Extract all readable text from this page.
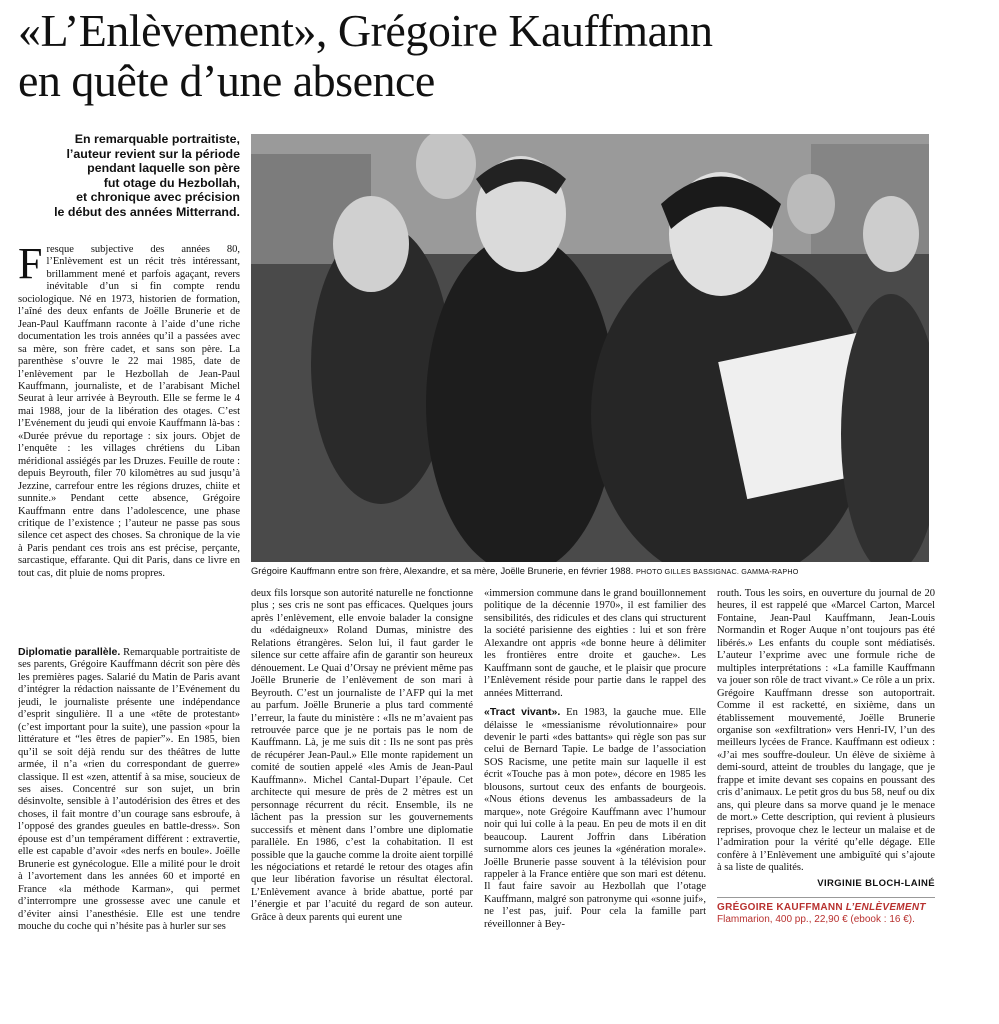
«L’Enlèvement», Grégoire Kauffmann
en quête d’une absence
En remarquable portraitiste,
l’auteur revient sur la période
pendant laquelle son père
fut otage du Hezbollah,
et chronique avec précision
le début des années Mitterrand.
Grégoire Kauffmann entre son frère, Alexandre, et sa mère, Joëlle Brunerie, en février 1988. PHOTO GILLES BASSIGNAC. GAMMA-RAPHO

Fresque subjective des années 80, l’Enlèvement est un récit très intéressant, brillamment mené et parfois agaçant, revers inévitable d’un si fin compte rendu sociologique. Né en 1973, historien de formation, l’aîné des deux enfants de Joëlle Brunerie et de Jean-Paul Kauffmann raconte à l’aide d’une riche documentation les trois années qu’il a passées avec sa mère, son frère cadet, et sans son père. La parenthèse s’ouvre le 22 mai 1985, date de l’enlèvement par le Hezbollah de Jean-Paul Kauffmann, journaliste, et de l’arabisant Michel Seurat à leur arrivée à Beyrouth. Elle se ferme le 4 mai 1988, jour de la libération des otages. C’est l’Evénement du jeudi qui envoie Kauffmann là-bas : «Durée prévue du reportage : six jours. Objet de l’enquête : les villages chrétiens du Liban méridional assiégés par les Druzes. Feuille de route : depuis Beyrouth, filer 70 kilomètres au sud jusqu’à Jezzine, carrefour entre les régions druzes, chiite et sunnite.» Pendant cette absence, Grégoire Kauffmann entre dans l’adolescence, une phase critique de l’existence ; l’auteur ne passe pas sous silence cet aspect des choses. Sa chronique de la vie à Paris pendant ces trois ans est précise, perçante, sarcastique, effarante. Qui dit Paris, dans ce livre en tout cas, dit pluie de noms propres.

Diplomatie parallèle. Remarquable portraitiste de ses parents, Grégoire Kauffmann décrit son père dès les premières pages. Salarié du Matin de Paris avant d’intégrer la rédaction naissante de l’Evénement du jeudi, le journaliste présente une indépendance d’esprit singulière. Il a une «tête de protestant» (c’est important pour la suite), une passion «pour la littérature et “les êtres de papier”». En 1985, bien qu’il se soit déjà rendu sur des théâtres de lutte armée, il n’a «rien du correspondant de guerre» classique. Il est «zen, attentif à sa mise, soucieux de ses aises. Concentré sur son sujet, un brin désinvolte, sensible à l’autodérision des êtres et des choses, il fait montre d’un courage sans esbroufe, à l’opposé des grandes gueules en battle-dress». Son épouse est d’un tempérament différent : extravertie, elle est capable d’avoir «des nerfs en boule». Joëlle Brunerie est gynécologue. Elle a milité pour le droit à l’avortement dans les années 60 et importé en France «la méthode Karman», qui permet d’interrompre une grossesse avec une canule et d’éviter ainsi l’anesthésie. Elle est une tendre mouche du coche qui n’hésite pas à hurler sur ses

deux fils lorsque son autorité naturelle ne fonctionne plus ; ses cris ne sont pas efficaces. Quelques jours après l’enlèvement, elle envoie balader la consigne du «dédaigneux» Roland Dumas, ministre des Relations étrangères. Selon lui, il faut garder le silence sur cette affaire afin de garantir son heureux dénouement. Le Quai d’Orsay ne prévient même pas Joëlle Brunerie de l’enlèvement de son mari à Beyrouth. C’est un journaliste de l’AFP qui la met au parfum. Joëlle Brunerie a plus tard commenté l’erreur, la faute du ministère : «Ils ne m’avaient pas retrouvée parce que je ne portais pas le nom de Kauffmann. Là, je me suis dit : Ils ne sont pas près de récupérer Jean-Paul.» Elle monte rapidement un comité de soutien appelé «les Amis de Jean-Paul Kauffmann». Michel Cantal-Dupart l’épaule. Cet architecte qui mesure de près de 2 mètres est un personnage récurrent du récit. Ensemble, ils ne lâchent pas la pression sur les gouvernements successifs et mènent dans l’ombre une diplomatie parallèle. En 1986, c’est la cohabitation. Il est possible que la gauche comme la droite aient torpillé les négociations et retardé le retour des otages afin que leur libération favorise un résultat électoral. L’Enlèvement avance à bride abattue, porté par l’énergie et par l’acuité du regard de son auteur. Grâce à deux parents qui eurent une

«immersion commune dans le grand bouillonnement politique de la décennie 1970», il est familier des sensibilités, des ridicules et des clans qui structurent la société parisienne des eighties : lui et son frère Alexandre ont appris «de bonne heure à délimiter les frontières entre droite et gauche». Les Kauffmann sont de gauche, et le plaisir que procure l’Enlèvement réside pour partie dans le rappel des années Mitterrand.

«Tract vivant». En 1983, la gauche mue. Elle délaisse le «messianisme révolutionnaire» pour devenir le parti «des battants» qui règle son pas sur celui de Bernard Tapie. Le badge de l’association SOS Racisme, une petite main sur laquelle il est écrit «Touche pas à mon pote», décore en 1985 les blousons, surtout ceux des enfants de bourgeois. «Nous étions devenus les ambassadeurs de la marque», note Grégoire Kauffmann avec l’humour noir qui lui colle à la peau. En peu de mots il en dit beaucoup. Laurent Joffrin dans Libération surnomme alors ces jeunes la «génération morale». Joëlle Brunerie passe souvent à la télévision pour rappeler à la France entière que son mari est détenu. Il faut faire savoir au Hezbollah que l’otage Kauffmann, malgré son patronyme qui «sonne juif», ne l’est pas, juif. Pour cela la famille part réveillonner à Bey-

routh. Tous les soirs, en ouverture du journal de 20 heures, il est rappelé que «Marcel Carton, Marcel Fontaine, Jean-Paul Kauffmann, Jean-Louis Normandin et Roger Auque n’ont toujours pas été libérés.» Les enfants du couple sont médiatisés. L’auteur l’exprime avec une formule riche de multiples interprétations : «La famille Kauffmann va jouer son rôle de tract vivant.» Ce rôle a un prix. Grégoire Kauffmann dresse son autoportrait. Comme il est racketté, en sixième, dans un établissement mouvementé, Joëlle Brunerie organise son «exfiltration» vers Henri-IV, l’un des meilleurs lycées de France. Kauffmann est odieux : «J’ai mes souffre-douleur. Un élève de sixième à demi-sourd, atteint de troubles du langage, que je frappe et imite devant ses copains en poussant des cris d’animaux. Le petit gros du bus 58, neuf ou dix ans, qui pleure dans sa morve quand je le menace de mort.» Cette description, qui revient à plusieurs reprises, provoque chez le lecteur un malaise et de l’admiration pour la vérité qu’elle dégage. Elle confère à l’Enlèvement une ambiguïté qui s’ajoute à sa liste de qualités.

VIRGINIE BLOCH-LAINÉ
GRÉGOIRE KAUFFMANN L’ENLÈVEMENT
Flammarion, 400 pp., 22,90 € (ebook : 16 €).
